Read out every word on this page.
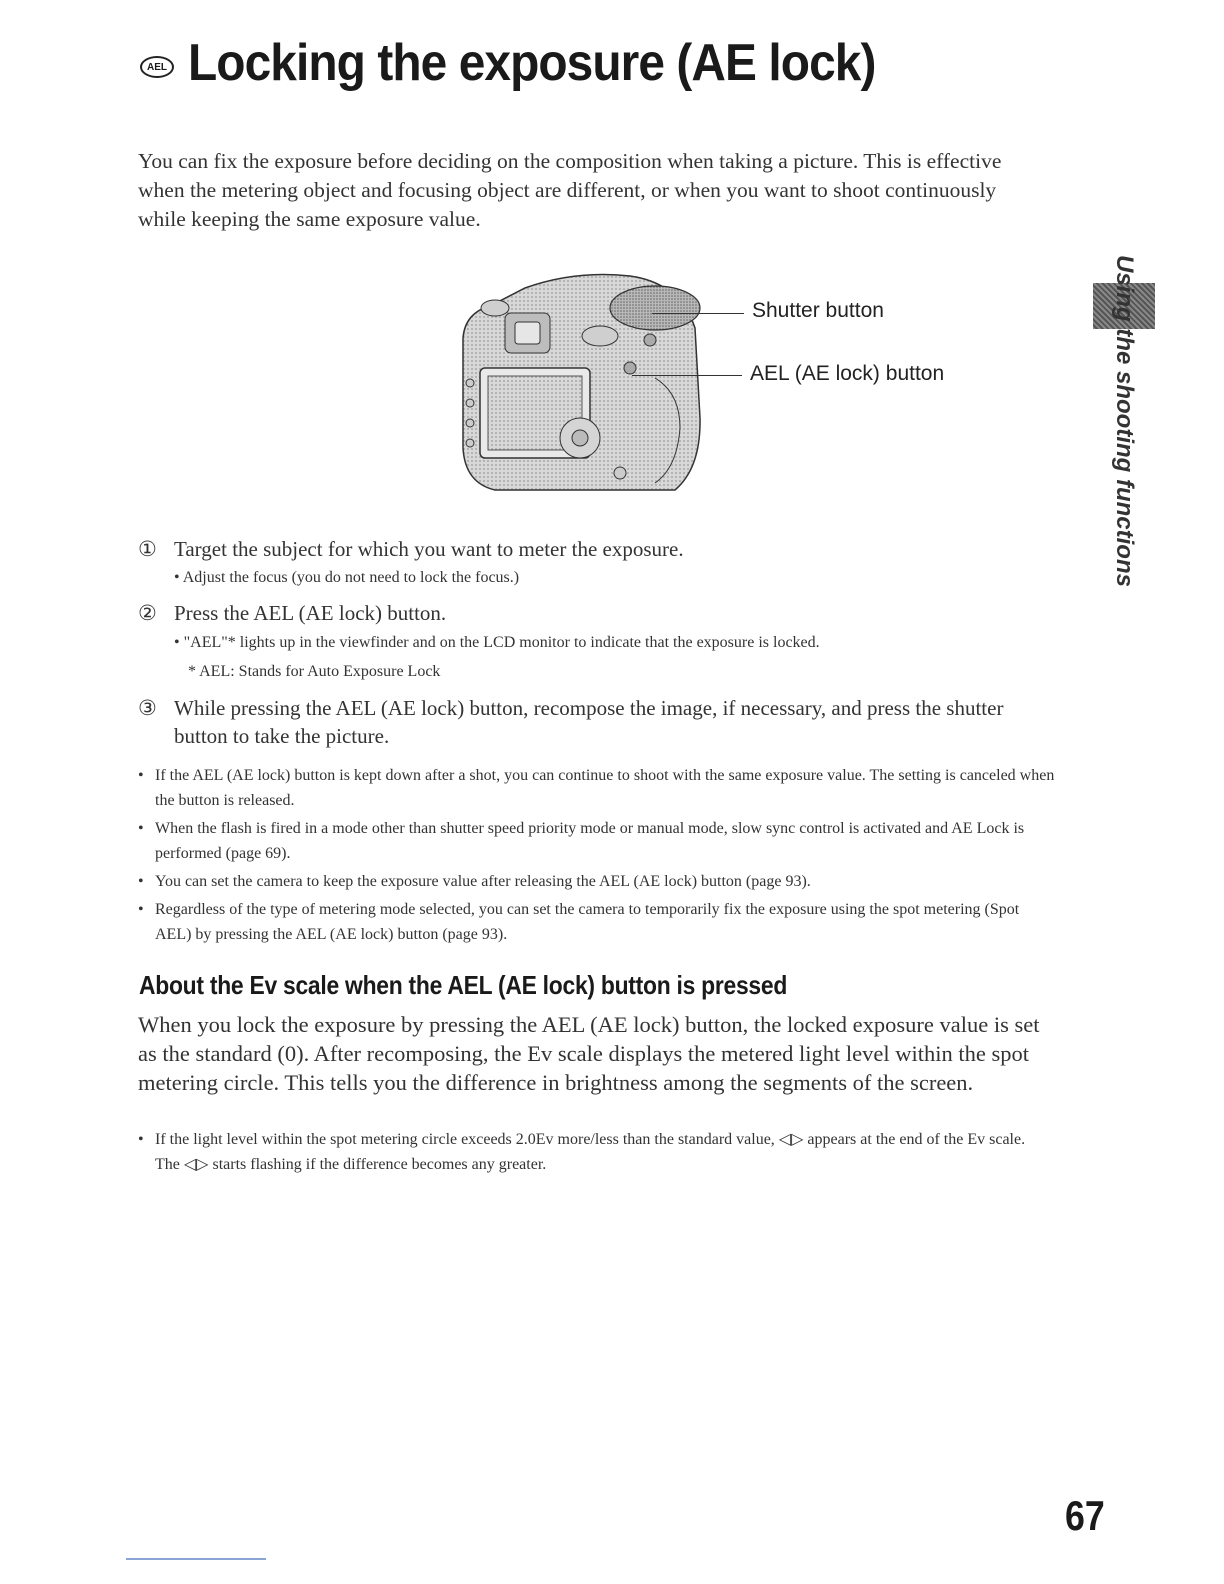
AEL Locking the exposure (AE lock)
You can fix the exposure before deciding on the composition when taking a picture. This is effective when the metering object and focusing object are different, or when you want to shoot continuously while keeping the same exposure value.
Shutter button
AEL (AE lock) button	Using the shooting functions
① Target the subject for which you want to meter the exposure.
• Adjust the focus (you do not need to lock the focus.)
② Press the AEL (AE lock) button.
• "AEL"* lights up in the viewfinder and on the LCD monitor to indicate that the exposure is locked.
* AEL: Stands for Auto Exposure Lock
③ While pressing the AEL (AE lock) button, recompose the image, if necessary, and press the shutter button to take the picture.
• If the AEL (AE lock) button is kept down after a shot, you can continue to shoot with the same exposure value. The setting is canceled when the button is released.
• When the flash is fired in a mode other than shutter speed priority mode or manual mode, slow sync control is activated and AE Lock is performed (page 69).
• You can set the camera to keep the exposure value after releasing the AEL (AE lock) button (page 93).
• Regardless of the type of metering mode selected, you can set the camera to temporarily fix the exposure using the spot metering (Spot AEL) by pressing the AEL (AE lock) button (page 93).
About the Ev scale when the AEL (AE lock) button is pressed
When you lock the exposure by pressing the AEL (AE lock) button, the locked exposure value is set as the standard (0). After recomposing, the Ev scale displays the metered light level within the spot metering circle. This tells you the difference in brightness among the segments of the screen.
• If the light level within the spot metering circle exceeds 2.0Ev more/less than the standard value, ◁▷ appears at the end of the Ev scale. The ◁▷ starts flashing if the difference becomes any greater.
67
